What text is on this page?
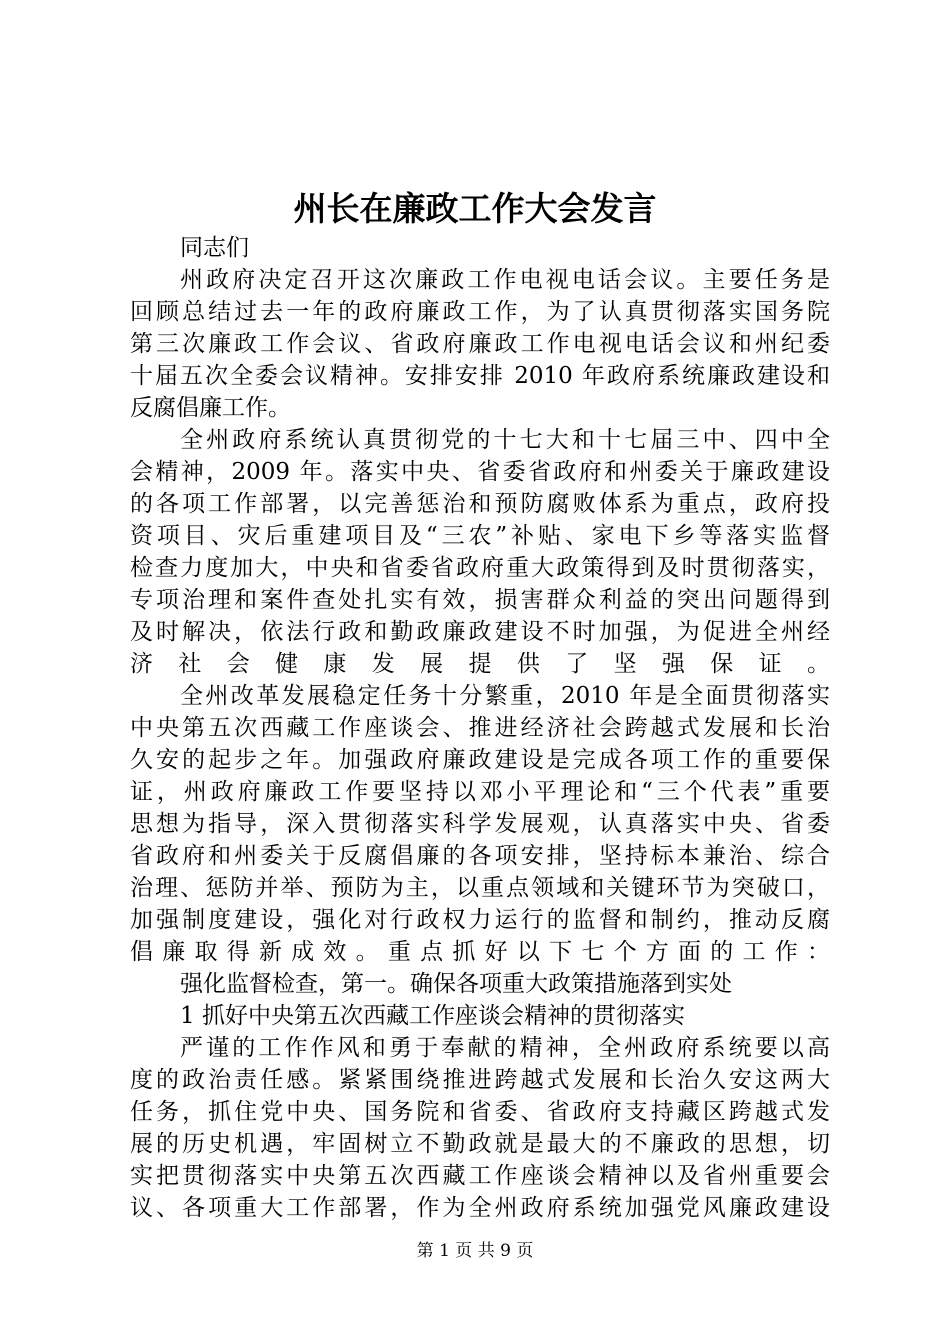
州长在廉政工作大会发言
同志们
州政府决定召开这次廉政工作电视电话会议。主要任务是
回顾总结过去一年的政府廉政工作，为了认真贯彻落实国务院
第三次廉政工作会议、省政府廉政工作电视电话会议和州纪委
十届五次全委会议精神。安排安排 2010 年政府系统廉政建设和
反腐倡廉工作。
全州政府系统认真贯彻党的十七大和十七届三中、四中全
会精神，2009 年。落实中央、省委省政府和州委关于廉政建设
的各项工作部署，以完善惩治和预防腐败体系为重点，政府投
资项目、灾后重建项目及“三农”补贴、家电下乡等落实监督
检查力度加大，中央和省委省政府重大政策得到及时贯彻落实，
专项治理和案件查处扎实有效，损害群众利益的突出问题得到
及时解决，依法行政和勤政廉政建设不时加强，为促进全州经
济社会健康发展提供了坚强保证。
全州改革发展稳定任务十分繁重，2010 年是全面贯彻落实
中央第五次西藏工作座谈会、推进经济社会跨越式发展和长治
久安的起步之年。加强政府廉政建设是完成各项工作的重要保
证，州政府廉政工作要坚持以邓小平理论和“三个代表”重要
思想为指导，深入贯彻落实科学发展观，认真落实中央、省委
省政府和州委关于反腐倡廉的各项安排，坚持标本兼治、综合
治理、惩防并举、预防为主，以重点领域和关键环节为突破口，
加强制度建设，强化对行政权力运行的监督和制约，推动反腐
倡廉取得新成效。重点抓好以下七个方面的工作：
强化监督检查，第一。确保各项重大政策措施落到实处
1 抓好中央第五次西藏工作座谈会精神的贯彻落实
严谨的工作作风和勇于奉献的精神，全州政府系统要以高
度的政治责任感。紧紧围绕推进跨越式发展和长治久安这两大
任务，抓住党中央、国务院和省委、省政府支持藏区跨越式发
展的历史机遇，牢固树立不勤政就是最大的不廉政的思想，切
实把贯彻落实中央第五次西藏工作座谈会精神以及省州重要会
议、各项重大工作部署，作为全州政府系统加强党风廉政建设
第 1 页 共 9 页
